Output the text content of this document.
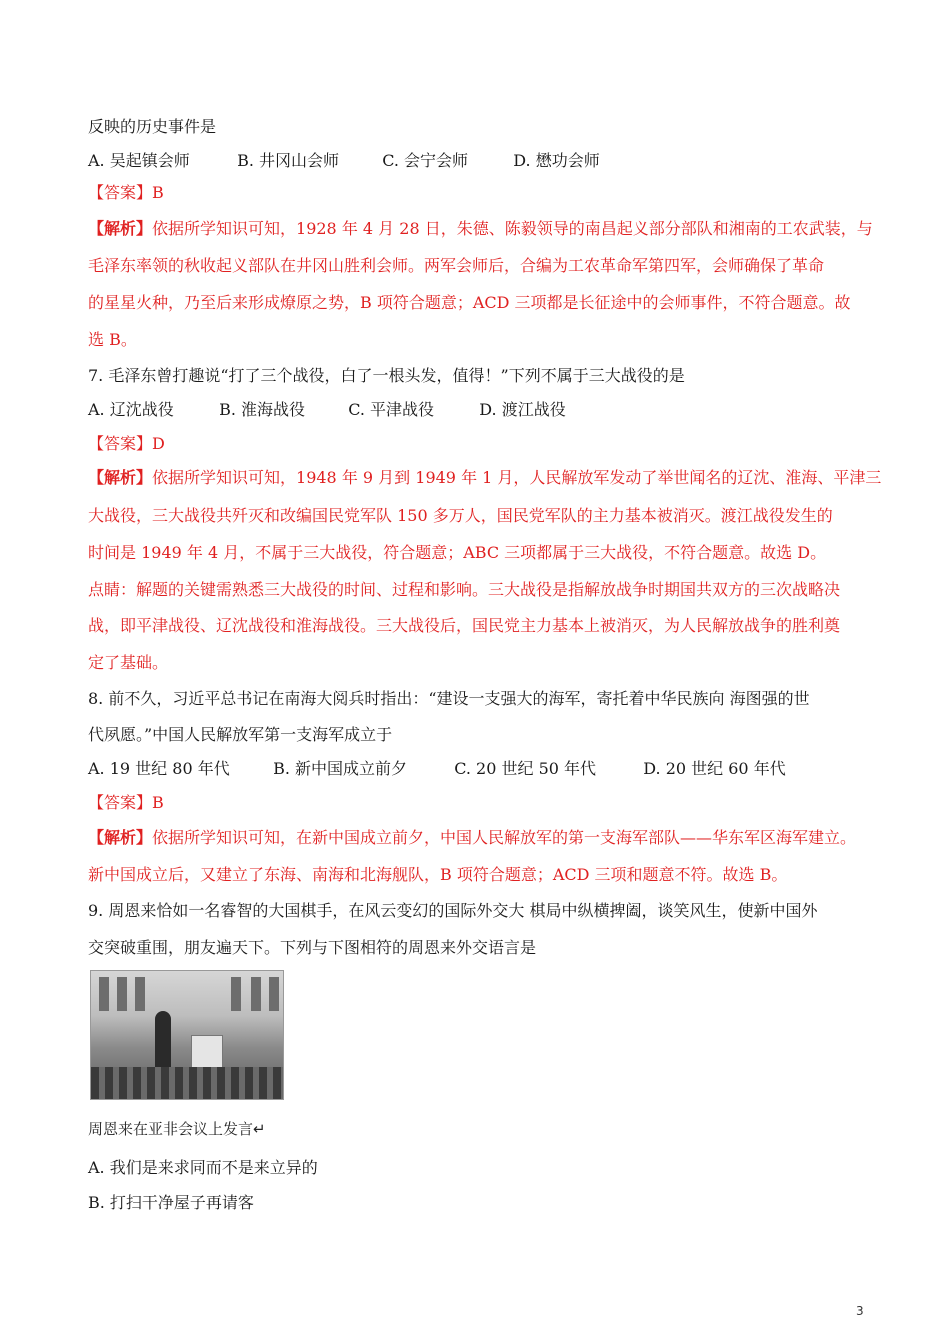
反映的历史事件是

A. 吴起镇会师	B. 井冈山会师	C. 会宁会师	D. 懋功会师

【答案】B

【解析】依据所学知识可知，1928 年 4 月 28 日，朱德、陈毅领导的南昌起义部分部队和湘南的工农武装，与

毛泽东率领的秋收起义部队在井冈山胜利会师。两军会师后，合编为工农革命军第四军，会师确保了革命

的星星火种，乃至后来形成燎原之势，B 项符合题意；ACD 三项都是长征途中的会师事件，不符合题意。故

选 B。

7. 毛泽东曾打趣说“打了三个战役，白了一根头发，值得！”下列不属于三大战役的是

A. 辽沈战役	B. 淮海战役	C. 平津战役	D. 渡江战役

【答案】D

【解析】依据所学知识可知，1948 年 9 月到 1949 年 1 月，人民解放军发动了举世闻名的辽沈、淮海、平津三

大战役，三大战役共歼灭和改编国民党军队 150 多万人，国民党军队的主力基本被消灭。渡江战役发生的

时间是 1949 年 4 月，不属于三大战役，符合题意；ABC 三项都属于三大战役，不符合题意。故选 D。

点睛：解题的关键需熟悉三大战役的时间、过程和影响。三大战役是指解放战争时期国共双方的三次战略决

战，即平津战役、辽沈战役和淮海战役。三大战役后，国民党主力基本上被消灭，为人民解放战争的胜利奠

定了基础。

8. 前不久，习近平总书记在南海大阅兵时指出：“建设一支强大的海军，寄托着中华民族向 海图强的世

代夙愿。”中国人民解放军第一支海军成立于

A. 19 世纪 80 年代	B. 新中国成立前夕	C. 20 世纪 50 年代	D. 20 世纪 60 年代

【答案】B

【解析】依据所学知识可知，在新中国成立前夕，中国人民解放军的第一支海军部队——华东军区海军建立。

新中国成立后，又建立了东海、南海和北海舰队，B 项符合题意；ACD 三项和题意不符。故选 B。

9. 周恩来恰如一名睿智的大国棋手，在风云变幻的国际外交大 棋局中纵横捭阖，谈笑风生，使新中国外

交突破重围，朋友遍天下。下列与下图相符的周恩来外交语言是

周恩来在亚非会议上发言↵

A. 我们是来求同而不是来立异的

B. 打扫干净屋子再请客

3
